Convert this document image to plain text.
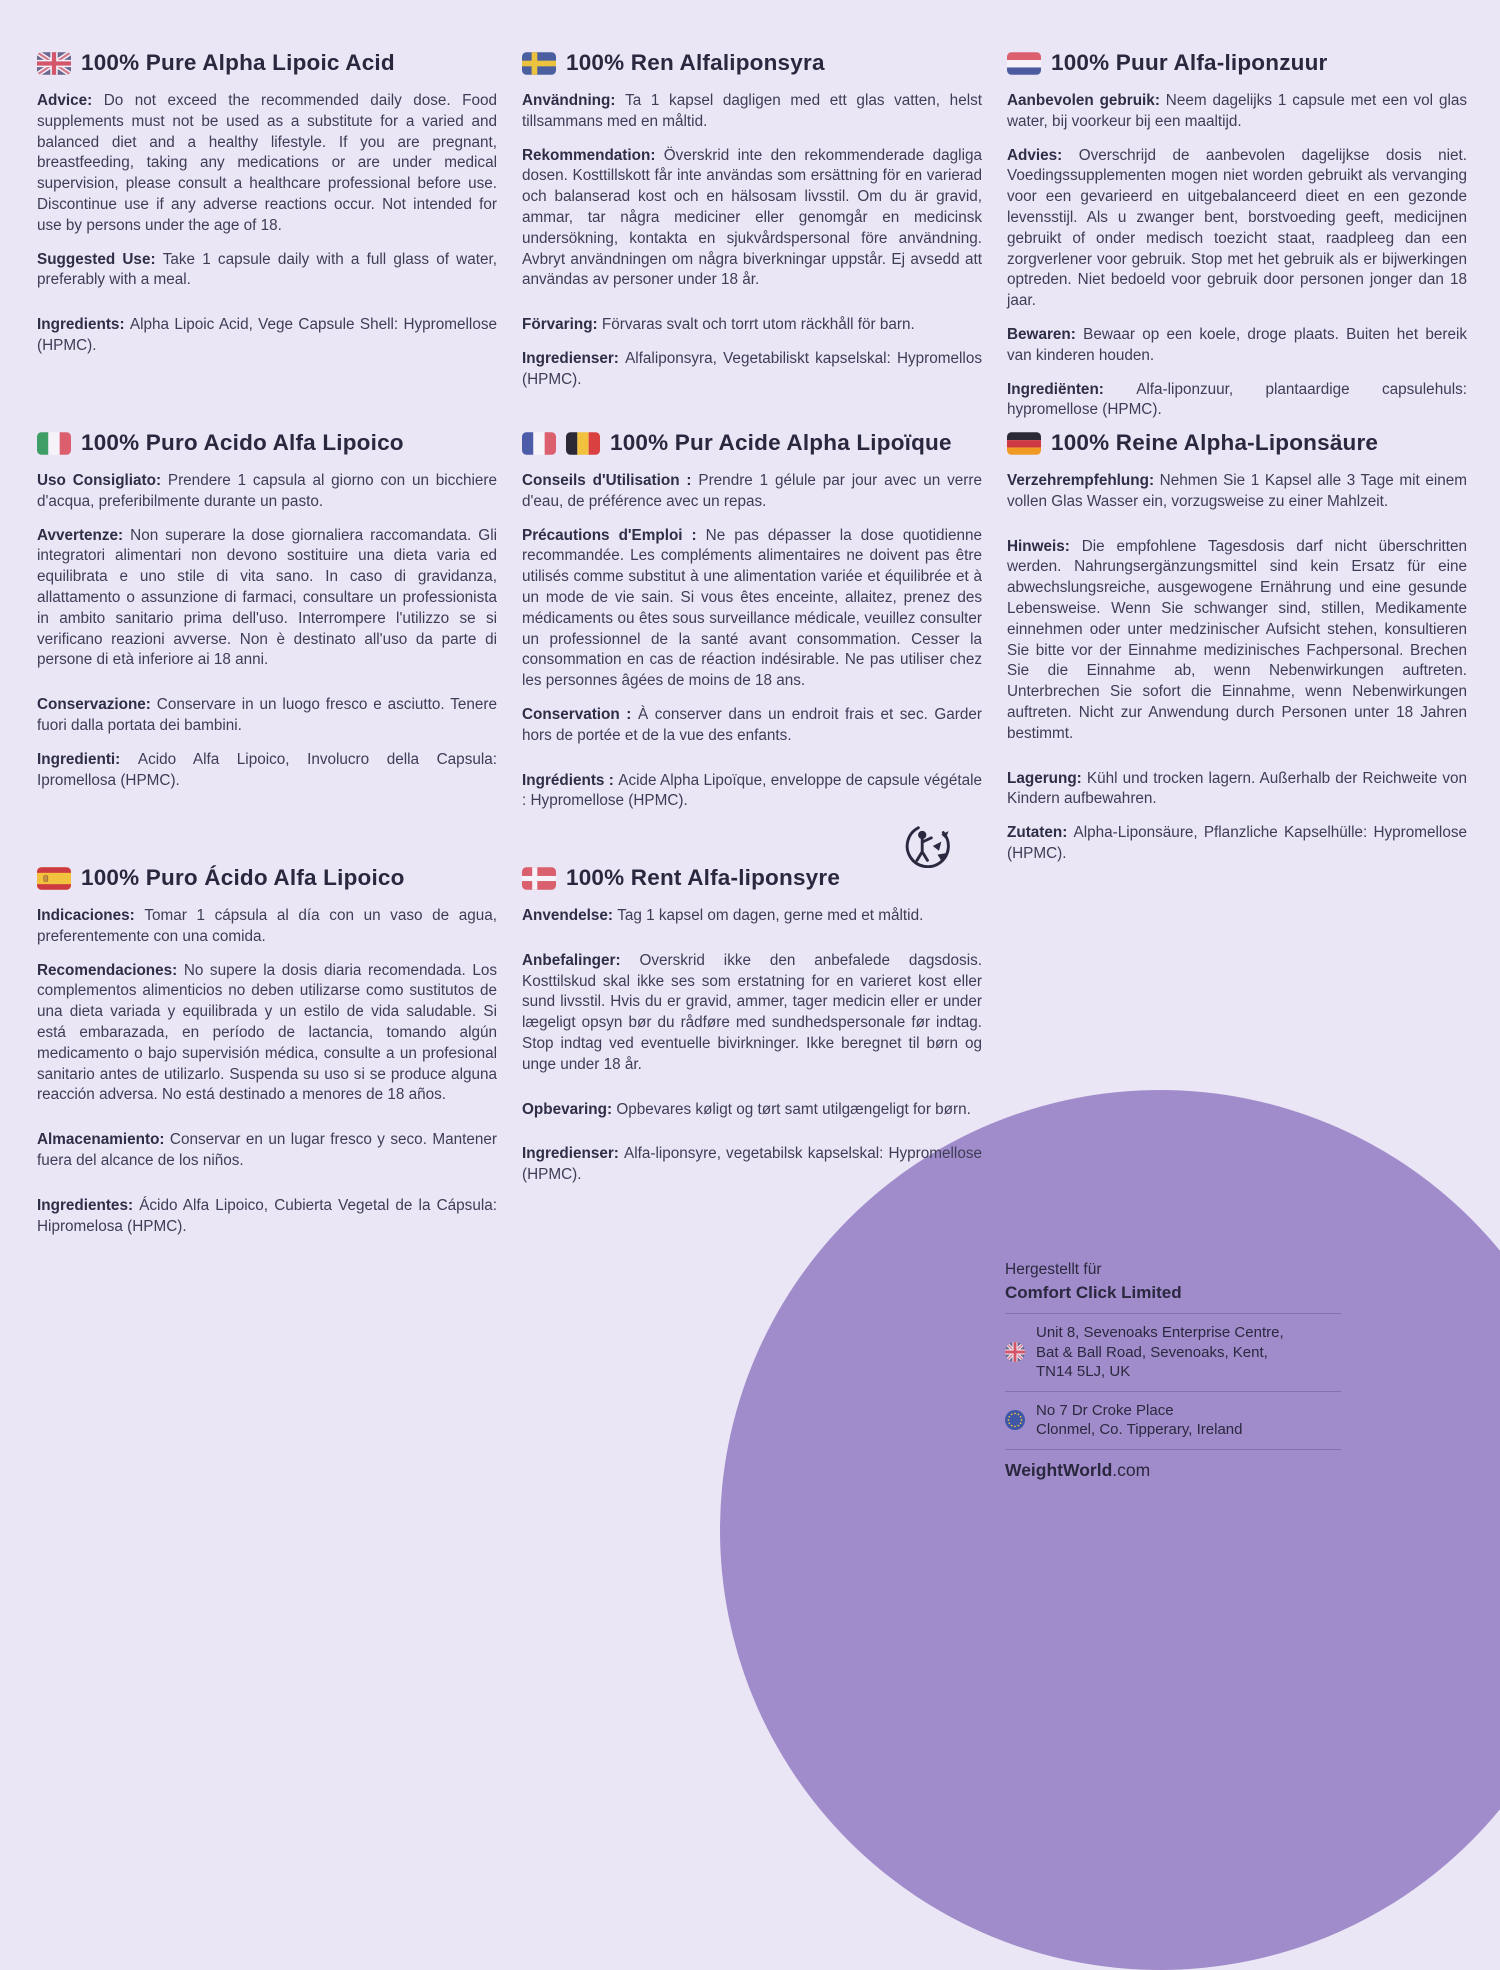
100% Pure Alpha Lipoic Acid

Advice: Do not exceed the recommended daily dose. Food supplements must not be used as a substitute for a varied and balanced diet and a healthy lifestyle. If you are pregnant, breastfeeding, taking any medications or are under medical supervision, please consult a healthcare professional before use. Discontinue use if any adverse reactions occur. Not intended for use by persons under the age of 18.

Suggested Use: Take 1 capsule daily with a full glass of water, preferably with a meal.

Ingredients: Alpha Lipoic Acid, Vege Capsule Shell: Hypromellose (HPMC).

100% Ren Alfaliponsyra

Användning: Ta 1 kapsel dagligen med ett glas vatten, helst tillsammans med en måltid.

Rekommendation: Överskrid inte den rekommenderade dagliga dosen. Kosttillskott får inte användas som ersättning för en varierad och balanserad kost och en hälsosam livsstil. Om du är gravid, ammar, tar några mediciner eller genomgår en medicinsk undersökning, kontakta en sjukvårdspersonal före användning. Avbryt användningen om några biverkningar uppstår. Ej avsedd att användas av personer under 18 år.

Förvaring: Förvaras svalt och torrt utom räckhåll för barn.

Ingredienser: Alfaliponsyra, Vegetabiliskt kapselskal: Hypromellos (HPMC).

100% Puur Alfa-liponzuur

Aanbevolen gebruik: Neem dagelijks 1 capsule met een vol glas water, bij voorkeur bij een maaltijd.

Advies: Overschrijd de aanbevolen dagelijkse dosis niet. Voedingssupplementen mogen niet worden gebruikt als vervanging voor een gevarieerd en uitgebalanceerd dieet en een gezonde levensstijl. Als u zwanger bent, borstvoeding geeft, medicijnen gebruikt of onder medisch toezicht staat, raadpleeg dan een zorgverlener voor gebruik. Stop met het gebruik als er bijwerkingen optreden. Niet bedoeld voor gebruik door personen jonger dan 18 jaar.

Bewaren: Bewaar op een koele, droge plaats. Buiten het bereik van kinderen houden.

Ingrediënten: Alfa-liponzuur, plantaardige capsulehuls: hypromellose (HPMC).

100% Puro Acido Alfa Lipoico

Uso Consigliato: Prendere 1 capsula al giorno con un bicchiere d'acqua, preferibilmente durante un pasto.

Avvertenze: Non superare la dose giornaliera raccomandata. Gli integratori alimentari non devono sostituire una dieta varia ed equilibrata e uno stile di vita sano. In caso di gravidanza, allattamento o assunzione di farmaci, consultare un professionista in ambito sanitario prima dell'uso. Interrompere l'utilizzo se si verificano reazioni avverse. Non è destinato all'uso da parte di persone di età inferiore ai 18 anni.

Conservazione: Conservare in un luogo fresco e asciutto. Tenere fuori dalla portata dei bambini.

Ingredienti: Acido Alfa Lipoico, Involucro della Capsula: Ipromellosa (HPMC).

100% Pur Acide Alpha Lipoïque

Conseils d'Utilisation : Prendre 1 gélule par jour avec un verre d'eau, de préférence avec un repas.

Précautions d'Emploi : Ne pas dépasser la dose quotidienne recommandée. Les compléments alimentaires ne doivent pas être utilisés comme substitut à une alimentation variée et équilibrée et à un mode de vie sain. Si vous êtes enceinte, allaitez, prenez des médicaments ou êtes sous surveillance médicale, veuillez consulter un professionnel de la santé avant consommation. Cesser la consommation en cas de réaction indésirable. Ne pas utiliser chez les personnes âgées de moins de 18 ans.

Conservation : À conserver dans un endroit frais et sec. Garder hors de portée et de la vue des enfants.

Ingrédients : Acide Alpha Lipoïque, enveloppe de capsule végétale : Hypromellose (HPMC).

100% Reine Alpha-Liponsäure

Verzehrempfehlung: Nehmen Sie 1 Kapsel alle 3 Tage mit einem vollen Glas Wasser ein, vorzugsweise zu einer Mahlzeit.

Hinweis: Die empfohlene Tagesdosis darf nicht überschritten werden. Nahrungsergänzungsmittel sind kein Ersatz für eine abwechslungsreiche, ausgewogene Ernährung und eine gesunde Lebensweise. Wenn Sie schwanger sind, stillen, Medikamente einnehmen oder unter medzinischer Aufsicht stehen, konsultieren Sie bitte vor der Einnahme medizinisches Fachpersonal. Brechen Sie die Einnahme ab, wenn Nebenwirkungen auftreten. Unterbrechen Sie sofort die Einnahme, wenn Nebenwirkungen auftreten. Nicht zur Anwendung durch Personen unter 18 Jahren bestimmt.

Lagerung: Kühl und trocken lagern. Außerhalb der Reichweite von Kindern aufbewahren.

Zutaten: Alpha-Liponsäure, Pflanzliche Kapselhülle: Hypromellose (HPMC).

100% Puro Ácido Alfa Lipoico

Indicaciones: Tomar 1 cápsula al día con un vaso de agua, preferentemente con una comida.

Recomendaciones: No supere la dosis diaria recomendada. Los complementos alimenticios no deben utilizarse como sustitutos de una dieta variada y equilibrada y un estilo de vida saludable. Si está embarazada, en período de lactancia, tomando algún medicamento o bajo supervisión médica, consulte a un profesional sanitario antes de utilizarlo. Suspenda su uso si se produce alguna reacción adversa. No está destinado a menores de 18 años.

Almacenamiento: Conservar en un lugar fresco y seco. Mantener fuera del alcance de los niños.

Ingredientes: Ácido Alfa Lipoico, Cubierta Vegetal de la Cápsula: Hipromelosa (HPMC).

100% Rent Alfa-liponsyre

Anvendelse: Tag 1 kapsel om dagen, gerne med et måltid.

Anbefalinger: Overskrid ikke den anbefalede dagsdosis. Kosttilskud skal ikke ses som erstatning for en varieret kost eller sund livsstil. Hvis du er gravid, ammer, tager medicin eller er under lægeligt opsyn bør du rådføre med sundhedspersonale før indtag. Stop indtag ved eventuelle bivirkninger. Ikke beregnet til børn og unge under 18 år.

Opbevaring: Opbevares køligt og tørt samt utilgængeligt for børn.

Ingredienser: Alfa-liponsyre, vegetabilsk kapselskal: Hypromellose (HPMC).

Hergestellt für
Comfort Click Limited
Unit 8, Sevenoaks Enterprise Centre,
Bat & Ball Road, Sevenoaks, Kent,
TN14 5LJ, UK
No 7 Dr Croke Place
Clonmel, Co. Tipperary, Ireland
WeightWorld.com
